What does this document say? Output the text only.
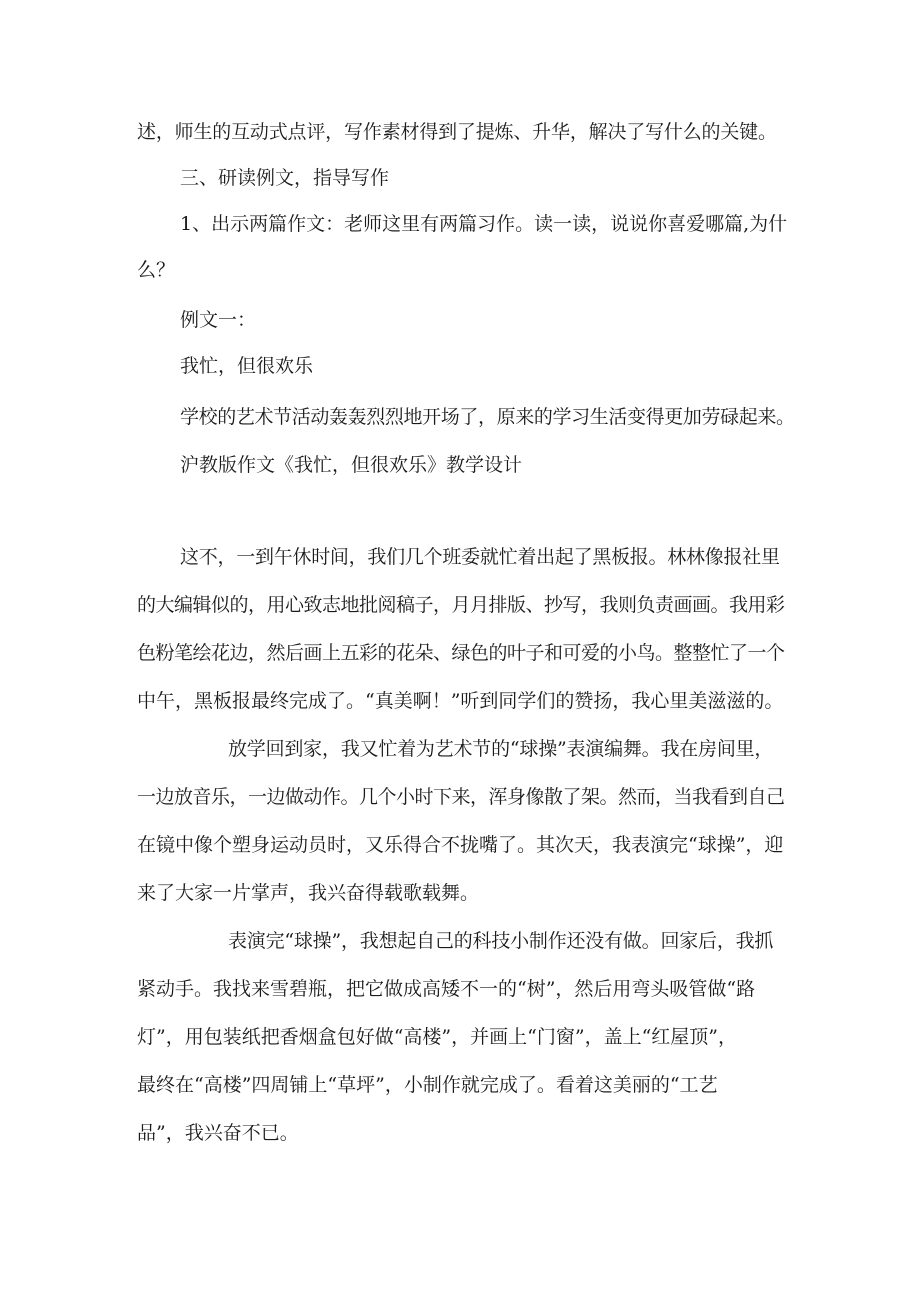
述，师生的互动式点评，写作素材得到了提炼、升华，解决了写什么的关键。

三、研读例文，指导写作

1、出示两篇作文：老师这里有两篇习作。读一读，说说你喜爱哪篇,为什

么？

例文一：

我忙，但很欢乐

学校的艺术节活动轰轰烈烈地开场了，原来的学习生活变得更加劳碌起来。

沪教版作文《我忙，但很欢乐》教学设计

这不，一到午休时间，我们几个班委就忙着出起了黑板报。林林像报社里

的大编辑似的，用心致志地批阅稿子，月月排版、抄写，我则负责画画。我用彩

色粉笔绘花边，然后画上五彩的花朵、绿色的叶子和可爱的小鸟。整整忙了一个

中午，黑板报最终完成了。“真美啊！”听到同学们的赞扬，我心里美滋滋的。

放学回到家，我又忙着为艺术节的“球操”表演编舞。我在房间里，

一边放音乐，一边做动作。几个小时下来，浑身像散了架。然而，当我看到自己

在镜中像个塑身运动员时，又乐得合不拢嘴了。其次天，我表演完“球操”，迎

来了大家一片掌声，我兴奋得载歌载舞。

表演完“球操”，我想起自己的科技小制作还没有做。回家后，我抓

紧动手。我找来雪碧瓶，把它做成高矮不一的“树”，然后用弯头吸管做“路

灯”，用包装纸把香烟盒包好做“高楼”，并画上“门窗”，盖上“红屋顶”，

最终在“高楼”四周铺上“草坪”，小制作就完成了。看着这美丽的“工艺

品”，我兴奋不已。
